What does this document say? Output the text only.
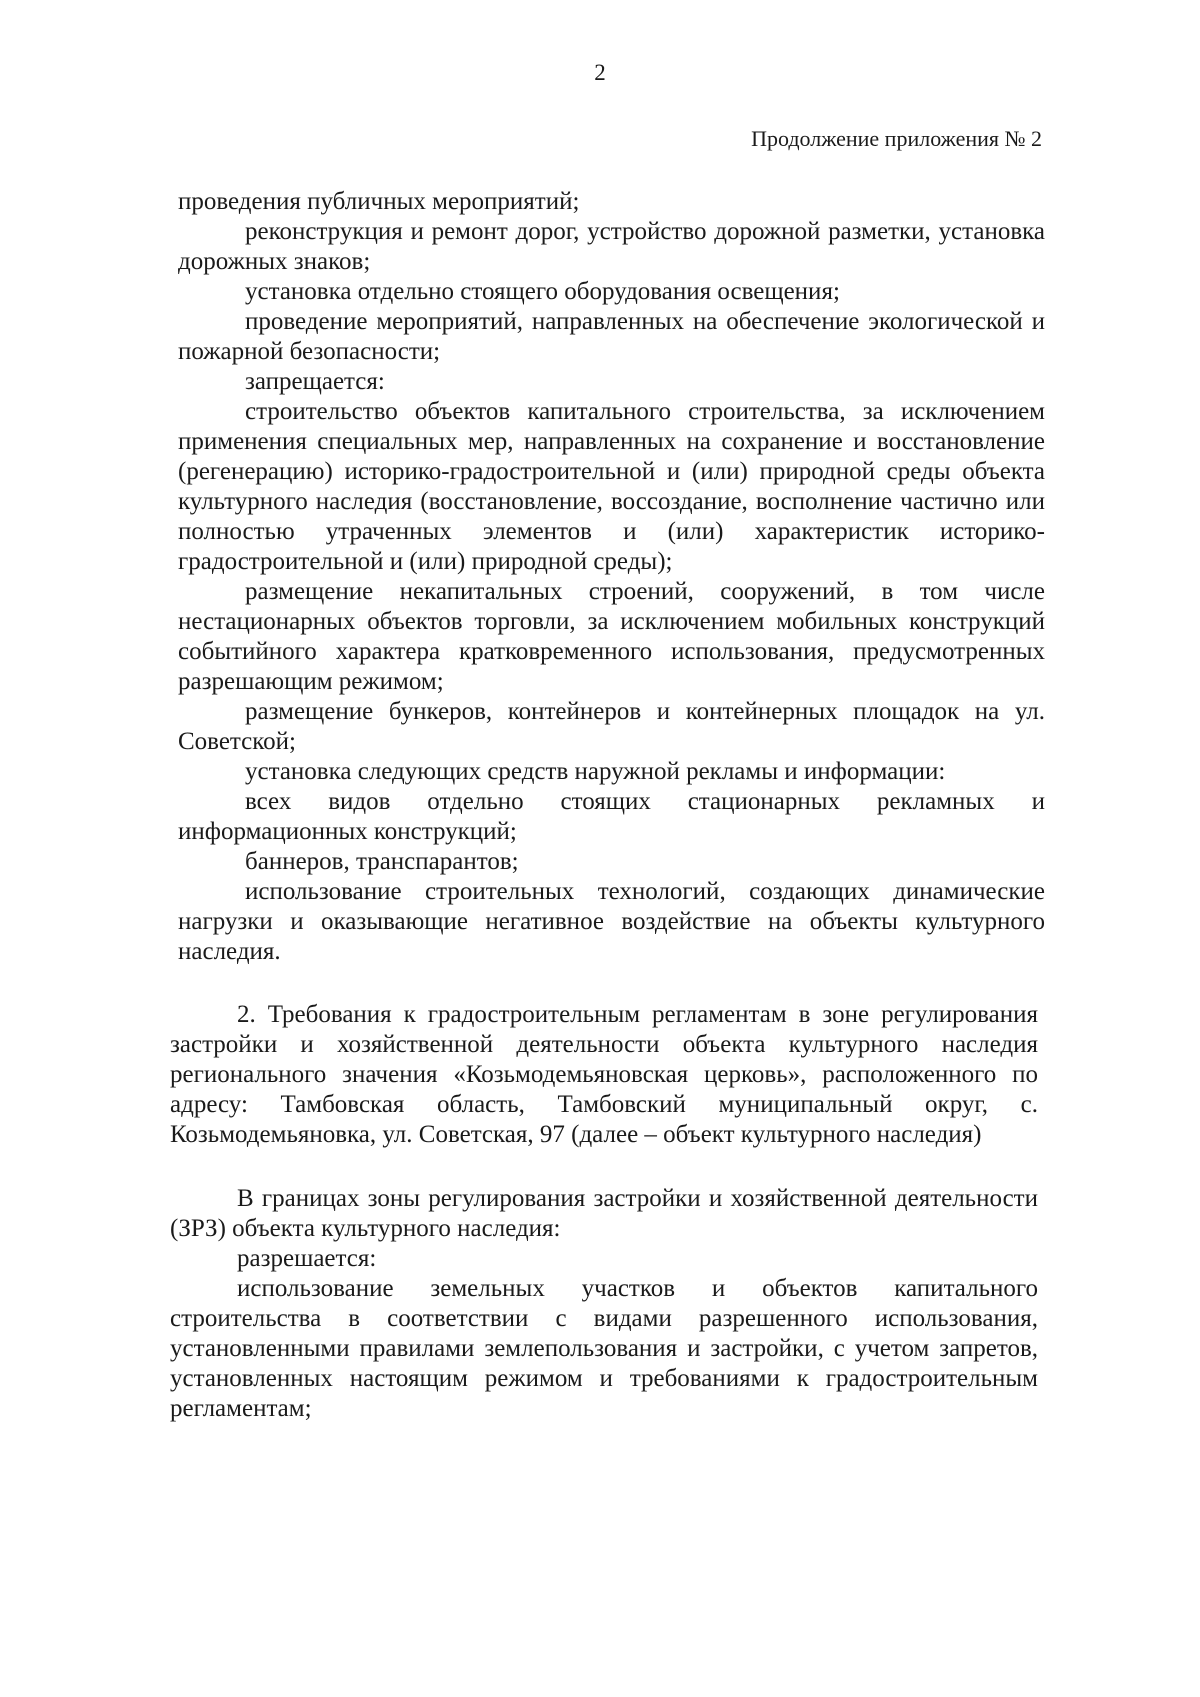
2
Продолжение приложения № 2

проведения публичных мероприятий;

реконструкция и ремонт дорог, устройство дорожной разметки, установка дорожных знаков;

установка отдельно стоящего оборудования освещения;

проведение мероприятий, направленных на обеспечение экологической и пожарной безопасности;

запрещается:

строительство объектов капитального строительства, за исключением применения специальных мер, направленных на сохранение и восстановление (регенерацию) историко-градостроительной и (или) природной среды объекта культурного наследия (восстановление, воссоздание, восполнение частично или полностью утраченных элементов и (или) характеристик историко-градостроительной и (или) природной среды);

размещение некапитальных строений, сооружений, в том числе нестационарных объектов торговли, за исключением мобильных конструкций событийного характера кратковременного использования, предусмотренных разрешающим режимом;

размещение бункеров, контейнеров и контейнерных площадок на ул. Советской;

установка следующих средств наружной рекламы и информации:

всех видов отдельно стоящих стационарных рекламных и информационных конструкций;

баннеров, транспарантов;

использование строительных технологий, создающих динамические нагрузки и оказывающие негативное воздействие на объекты культурного наследия.

2. Требования к градостроительным регламентам в зоне регулирования застройки и хозяйственной деятельности объекта культурного наследия регионального значения «Козьмодемьяновская церковь», расположенного по адресу: Тамбовская область, Тамбовский муниципальный округ, с. Козьмодемьяновка, ул. Советская, 97 (далее – объект культурного наследия)

В границах зоны регулирования застройки и хозяйственной деятельности (ЗРЗ) объекта культурного наследия:

разрешается:

использование земельных участков и объектов капитального строительства в соответствии с видами разрешенного использования, установленными правилами землепользования и застройки, с учетом запретов, установленных настоящим режимом и требованиями к градостроительным регламентам;
